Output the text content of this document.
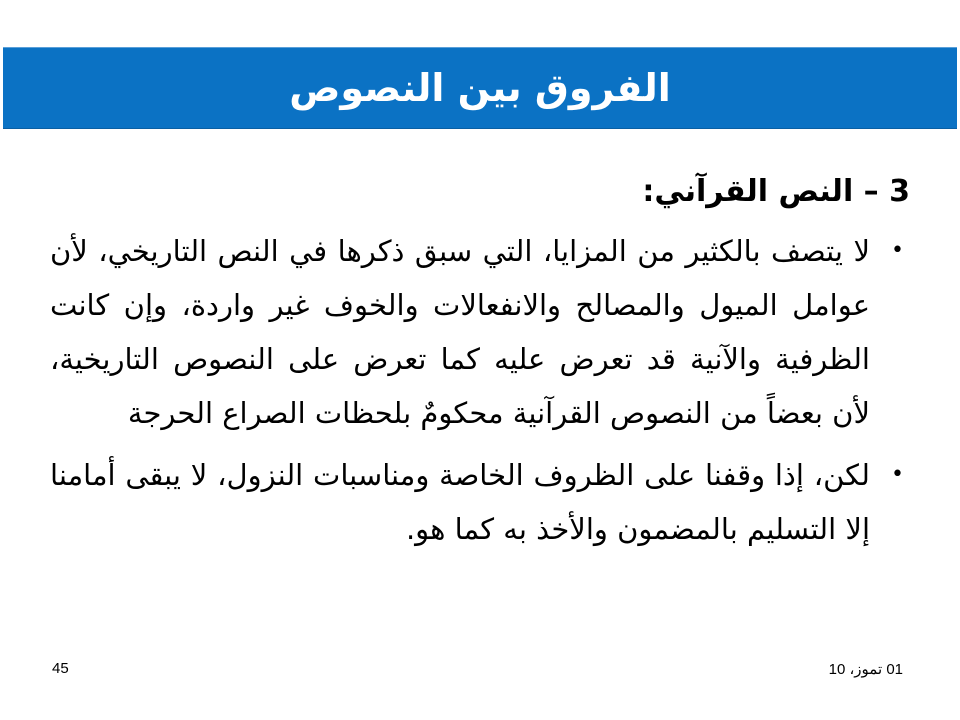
الفروق بين النصوص
3 – النص القرآني:
•
لا يتصف بالكثير من المزايا، التي سبق ذكرها في النص التاريخي، لأن عوامل الميول والمصالح والانفعالات والخوف غير واردة، وإن كانت الظرفية والآنية قد تعرض عليه كما تعرض على النصوص التاريخية، لأن بعضاً من النصوص القرآنية محكومٌ بلحظات الصراع الحرجة
•
لكن، إذا وقفنا على الظروف الخاصة ومناسبات النزول، لا يبقى أمامنا إلا التسليم بالمضمون والأخذ به كما هو.
45	01 تموز، 10
